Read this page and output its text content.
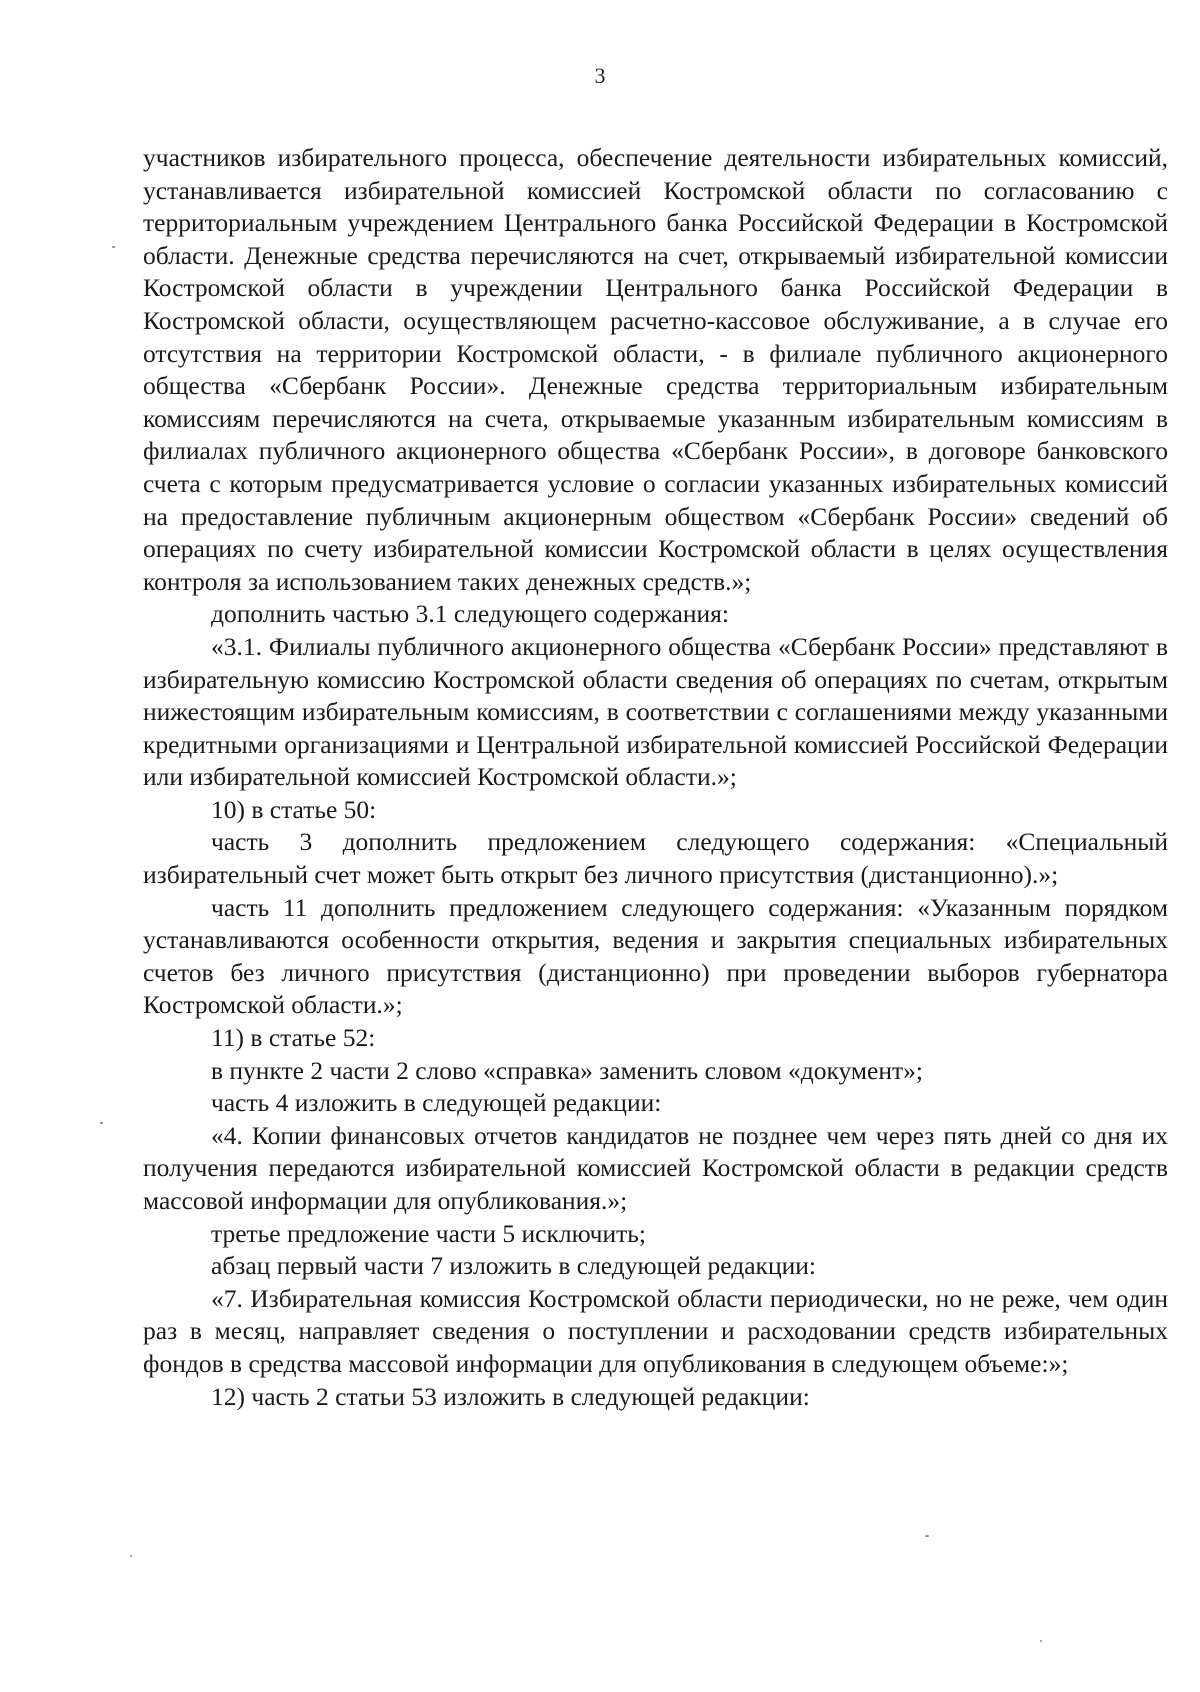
3

участников избирательного процесса, обеспечение деятельности избирательных комиссий, устанавливается избирательной комиссией Костромской области по согласованию с территориальным учреждением Центрального банка Российской Федерации в Костромской области. Денежные средства перечисляются на счет, открываемый избирательной комиссии Костромской области в учреждении Центрального банка Российской Федерации в Костромской области, осуществляющем расчетно-кассовое обслуживание, а в случае его отсутствия на территории Костромской области, - в филиале публичного акционерного общества «Сбербанк России». Денежные средства территориальным избирательным комиссиям перечисляются на счета, открываемые указанным избирательным комиссиям в филиалах публичного акционерного общества «Сбербанк России», в договоре банковского счета с которым предусматривается условие о согласии указанных избирательных комиссий на предоставление публичным акционерным обществом «Сбербанк России» сведений об операциях по счету избирательной комиссии Костромской области в целях осуществления контроля за использованием таких денежных средств.»;

дополнить частью 3.1 следующего содержания:

«3.1. Филиалы публичного акционерного общества «Сбербанк России» представляют в избирательную комиссию Костромской области сведения об операциях по счетам, открытым нижестоящим избирательным комиссиям, в соответствии с соглашениями между указанными кредитными организациями и Центральной избирательной комиссией Российской Федерации или избирательной комиссией Костромской области.»;

10) в статье 50:

часть 3 дополнить предложением следующего содержания: «Специальный избирательный счет может быть открыт без личного присутствия (дистанционно).»;

часть 11 дополнить предложением следующего содержания: «Указанным порядком устанавливаются особенности открытия, ведения и закрытия специальных избирательных счетов без личного присутствия (дистанционно) при проведении выборов губернатора Костромской области.»;

11) в статье 52:

в пункте 2 части 2 слово «справка» заменить словом «документ»;

часть 4 изложить в следующей редакции:

«4. Копии финансовых отчетов кандидатов не позднее чем через пять дней со дня их получения передаются избирательной комиссией Костромской области в редакции средств массовой информации для опубликования.»;

третье предложение части 5 исключить;

абзац первый части 7 изложить в следующей редакции:

«7. Избирательная комиссия Костромской области периодически, но не реже, чем один раз в месяц, направляет сведения о поступлении и расходовании средств избирательных фондов в средства массовой информации для опубликования в следующем объеме:»;

12) часть 2 статьи 53 изложить в следующей редакции:
